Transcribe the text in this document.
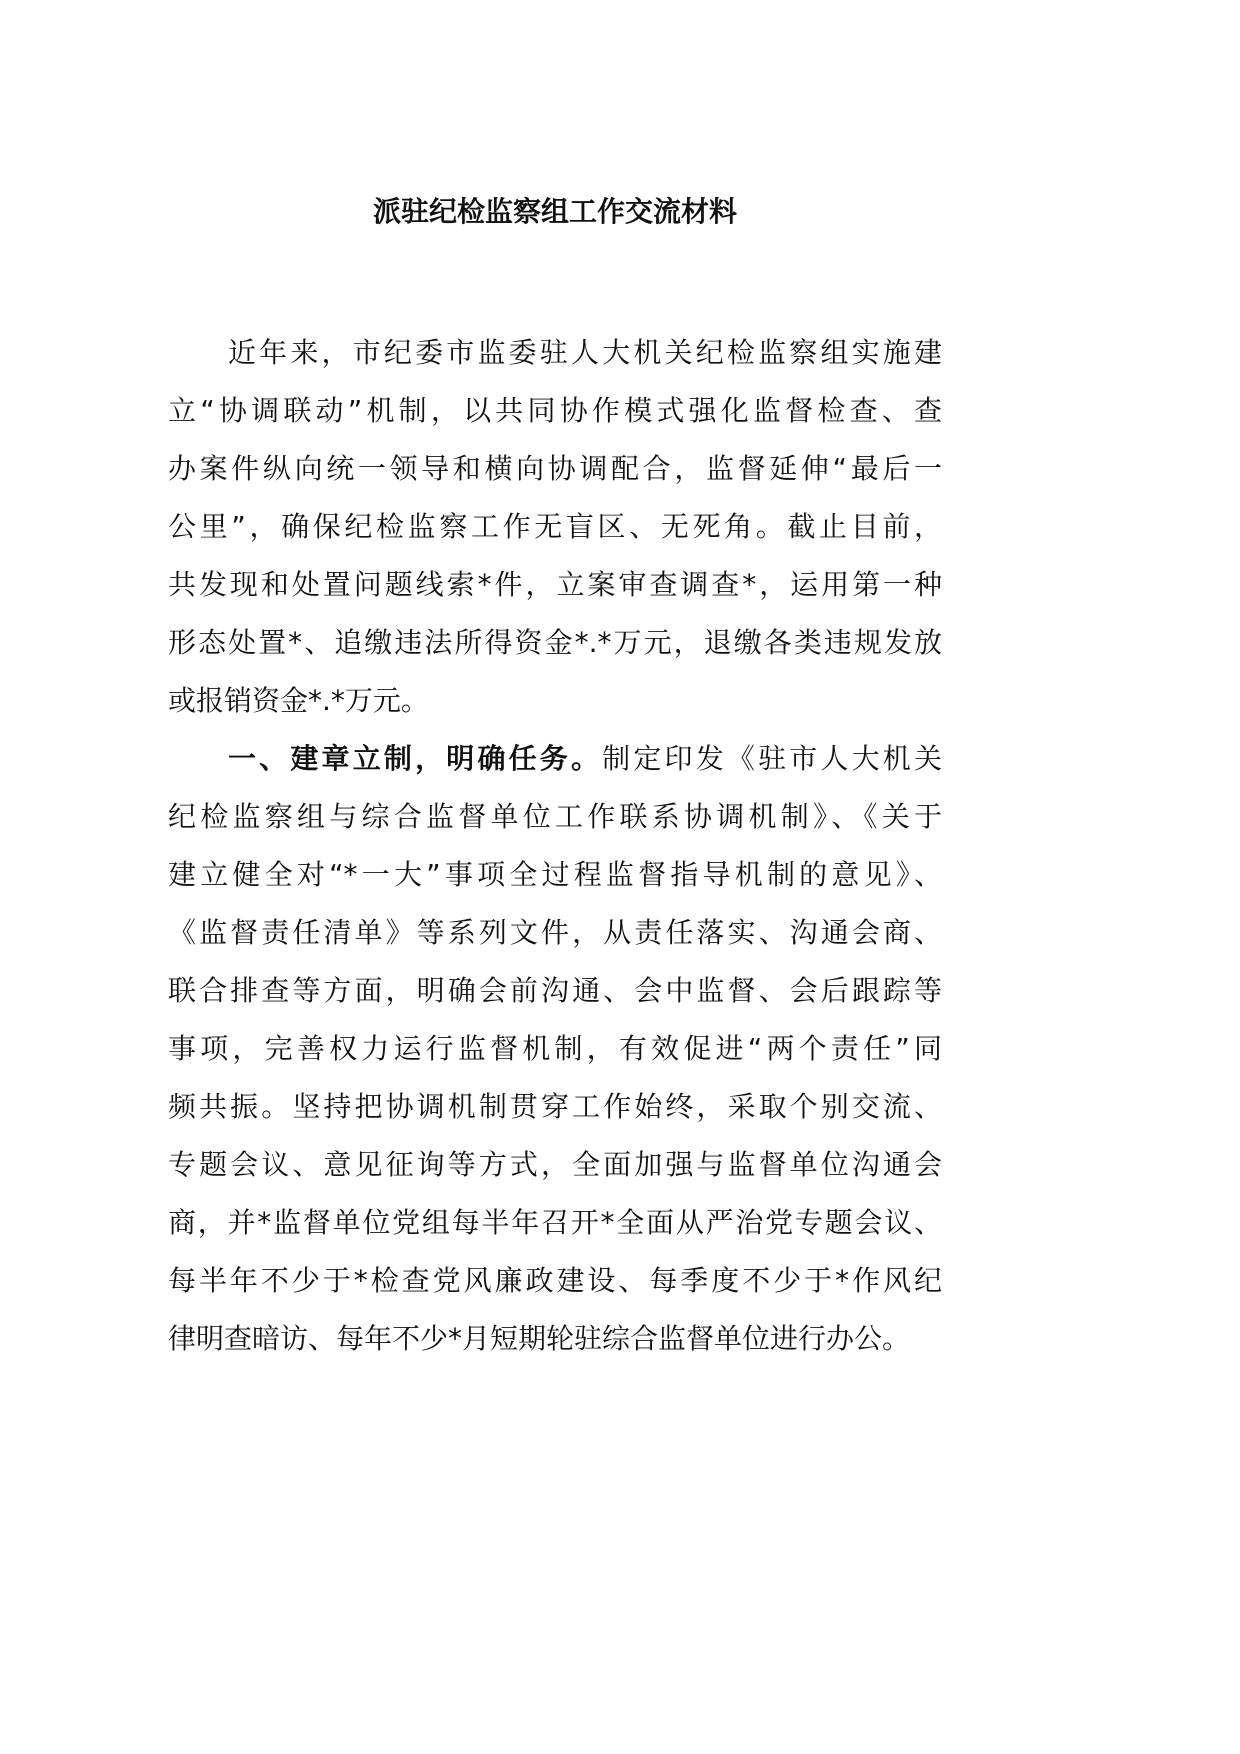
派驻纪检监察组工作交流材料
近年来，市纪委市监委驻人大机关纪检监察组实施建
立“协调联动”机制，以共同协作模式强化监督检查、查
办案件纵向统一领导和横向协调配合，监督延伸“最后一
公里”，确保纪检监察工作无盲区、无死角。截止目前，
共发现和处置问题线索*件，立案审查调查*，运用第一种
形态处置*、追缴违法所得资金*.*万元，退缴各类违规发放
或报销资金*.*万元。
一、建章立制，明确任务。制定印发《驻市人大机关
纪检监察组与综合监督单位工作联系协调机制》、《关于
建立健全对“*一大”事项全过程监督指导机制的意见》、
《监督责任清单》等系列文件，从责任落实、沟通会商、
联合排查等方面，明确会前沟通、会中监督、会后跟踪等
事项，完善权力运行监督机制，有效促进“两个责任”同
频共振。坚持把协调机制贯穿工作始终，采取个别交流、
专题会议、意见征询等方式，全面加强与监督单位沟通会
商，并*监督单位党组每半年召开*全面从严治党专题会议、
每半年不少于*检查党风廉政建设、每季度不少于*作风纪
律明查暗访、每年不少*月短期轮驻综合监督单位进行办公。
